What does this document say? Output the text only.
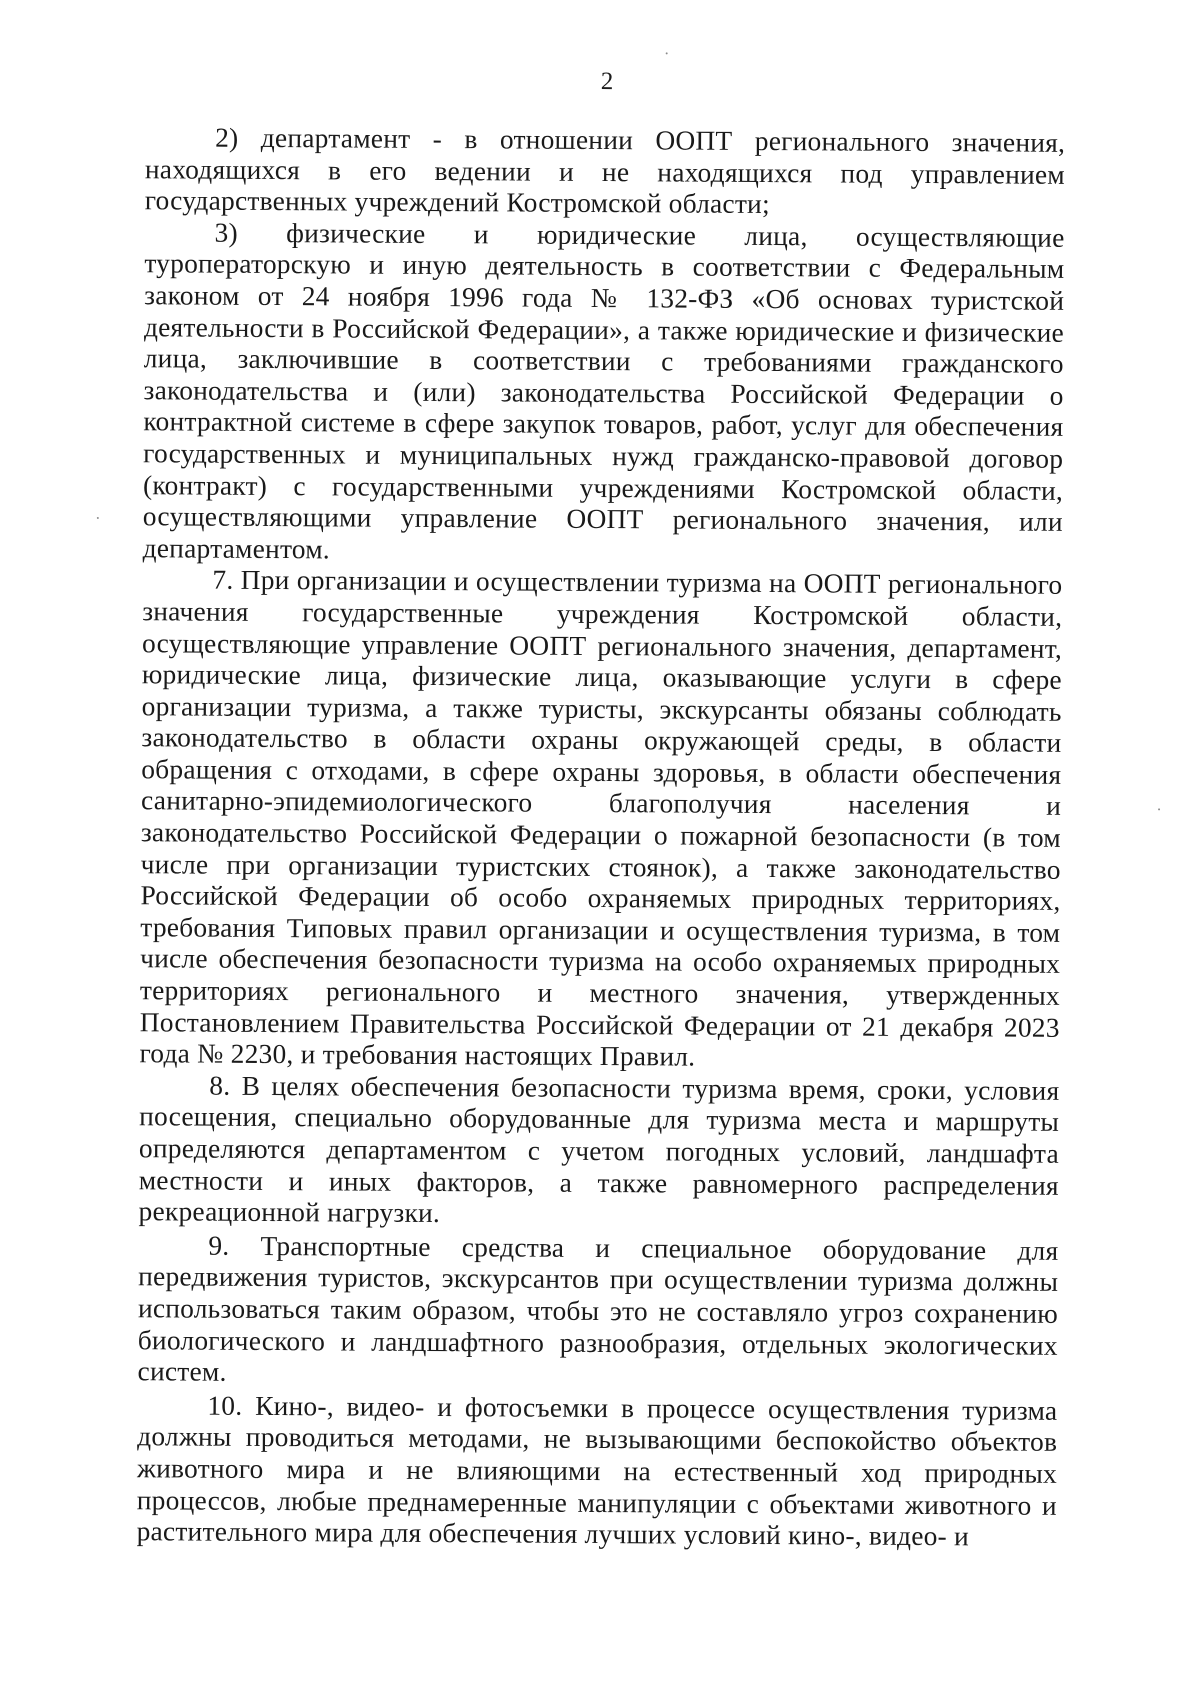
2

2) департамент - в отношении ООПТ регионального значения, находящихся в его ведении и не находящихся под управлением государственных учреждений Костромской области;

3) физические и юридические лица, осуществляющие туроператорскую и иную деятельность в соответствии с Федеральным законом от 24 ноября 1996 года № 132-ФЗ «Об основах туристской деятельности в Российской Федерации», а также юридические и физические лица, заключившие в соответствии с требованиями гражданского законодательства и (или) законодательства Российской Федерации о контрактной системе в сфере закупок товаров, работ, услуг для обеспечения государственных и муниципальных нужд гражданско-правовой договор (контракт) с государственными учреждениями Костромской области, осуществляющими управление ООПТ регионального значения, или департаментом.

7. При организации и осуществлении туризма на ООПТ регионального значения государственные учреждения Костромской области, осуществляющие управление ООПТ регионального значения, департамент, юридические лица, физические лица, оказывающие услуги в сфере организации туризма, а также туристы, экскурсанты обязаны соблюдать законодательство в области охраны окружающей среды, в области обращения с отходами, в сфере охраны здоровья, в области обеспечения санитарно-эпидемиологического благополучия населения и законодательство Российской Федерации о пожарной безопасности (в том числе при организации туристских стоянок), а также законодательство Российской Федерации об особо охраняемых природных территориях, требования Типовых правил организации и осуществления туризма, в том числе обеспечения безопасности туризма на особо охраняемых природных территориях регионального и местного значения, утвержденных Постановлением Правительства Российской Федерации от 21 декабря 2023 года № 2230, и требования настоящих Правил.

8. В целях обеспечения безопасности туризма время, сроки, условия посещения, специально оборудованные для туризма места и маршруты определяются департаментом с учетом погодных условий, ландшафта местности и иных факторов, а также равномерного распределения рекреационной нагрузки.

9. Транспортные средства и специальное оборудование для передвижения туристов, экскурсантов при осуществлении туризма должны использоваться таким образом, чтобы это не составляло угроз сохранению биологического и ландшафтного разнообразия, отдельных экологических систем.

10. Кино-, видео- и фотосъемки в процессе осуществления туризма должны проводиться методами, не вызывающими беспокойство объектов животного мира и не влияющими на естественный ход природных процессов, любые преднамеренные манипуляции с объектами животного и растительного мира для обеспечения лучших условий кино-, видео- и
